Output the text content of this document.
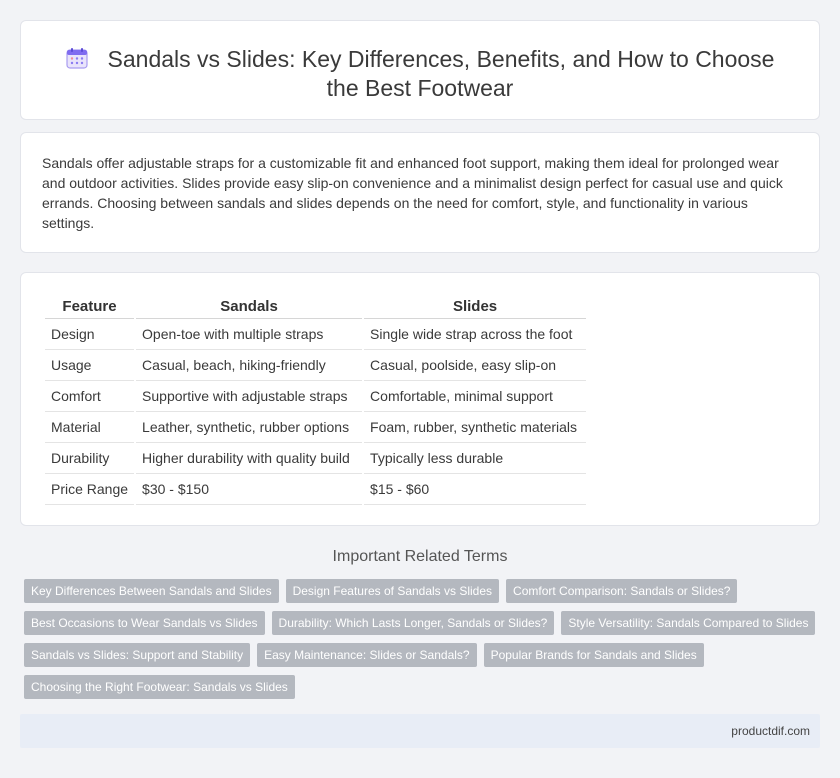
Sandals vs Slides: Key Differences, Benefits, and How to Choose the Best Footwear

Sandals offer adjustable straps for a customizable fit and enhanced foot support, making them ideal for prolonged wear and outdoor activities. Slides provide easy slip-on convenience and a minimalist design perfect for casual use and quick errands. Choosing between sandals and slides depends on the need for comfort, style, and functionality in various settings.

Feature	Sandals	Slides
Design	Open-toe with multiple straps	Single wide strap across the foot
Usage	Casual, beach, hiking-friendly	Casual, poolside, easy slip-on
Comfort	Supportive with adjustable straps	Comfortable, minimal support
Material	Leather, synthetic, rubber options	Foam, rubber, synthetic materials
Durability	Higher durability with quality build	Typically less durable
Price Range	$30 - $150	$15 - $60
Important Related Terms
Key Differences Between Sandals and Slides	Design Features of Sandals vs Slides	Comfort Comparison: Sandals or Slides?
Best Occasions to Wear Sandals vs Slides	Durability: Which Lasts Longer, Sandals or Slides?	Style Versatility: Sandals Compared to Slides
Sandals vs Slides: Support and Stability	Easy Maintenance: Slides or Sandals?	Popular Brands for Sandals and Slides
Choosing the Right Footwear: Sandals vs Slides
productdif.com
